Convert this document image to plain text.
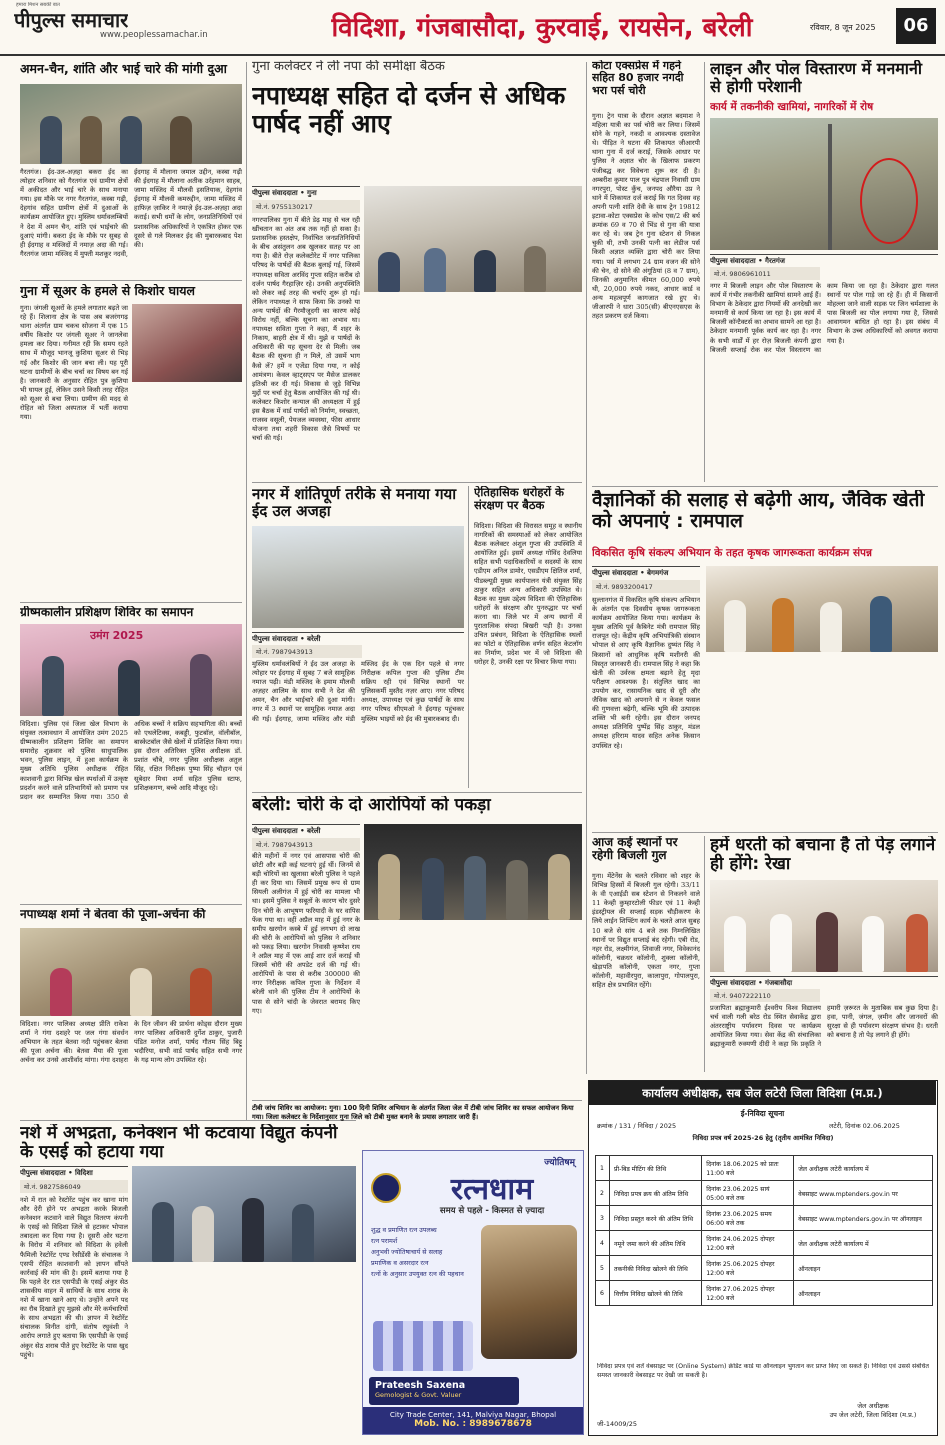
हमारा मिशन सबकी बात
पीपुल्स समाचार
www.peoplessamachar.in	विदिशा, गंजबासौदा, कुरवाई, रायसेन, बरेली	रविवार, 8 जून 2025	06
अमन-चैन, शांति और भाई चारे की मांगी दुआ
गैरतगंज। ईद-उल-अज़हा बकरा ईद का त्योहार शनिवार को गैरतगंज एवं ग्रामीण क्षेत्रों में अकीदत और भाई चारे के साथ मनाया गया। इस मौके पर नगर गैरतगंज, कस्बा गढ़ी, देहगांव सहित ग्रामीण क्षेत्रों में दुआओं के कार्यक्रम आयोजित हुए। मुस्लिम धर्मावलम्बियों ने देश में अमन चैन, शांति एवं भाईचारे की दुआएं मांगी। बकरा ईद के मौके पर सुबह से ही ईदगाह व मस्जिदों में नमाज़ अदा की गई। गैरतगंज जामा मस्जिद में मुफ्ती मशकूर नदवी, ईदगाह में मौलाना जमाल उद्दीन, कस्बा गढ़ी की ईदगाह में मौलाना अतीक उर्रहमान साहब, जामा मस्जिद में मौलवी इसतियाक, देहगांव ईदगाह में मौलवी कमरुद्दीन, जामा मस्जिद में हाफिज़ ज़ाकिर ने नमाज़े ईद-उल-अज़हा अदा कराई। सभी धर्मों के लोग, जनप्रतिनिधियों एवं प्रशासनिक अधिकारियों ने एकत्रित होकर एक दूसरे से गले मिलकर ईद की मुबारकबाद पेश की।
गुना में सूअर के हमले से किशोर घायल
गुना। जंगली सूअरों के हमले लगातार बढ़ते जा रहे हैं। शिलाना क्षेत्र के पास अब बजरंगगढ़ थाना अंतर्गत ग्राम चकच सोजना में एक 15 वर्षीय किशोर पर जंगली सूअर ने जानलेवा हमला कर दिया। गनीमत रही कि समय रहते साथ में मौजूद भानजू कुशिया सूअर से भिड़ गई और किशोर की जान बचा ली। यह पूरी घटना ग्रामीणों के बीच चर्चा का विषय बन गई है। जानकारी के अनुसार रोहित पुत्र कुशिया भी घायल हुई, लेकिन उसने किसी तरह रोहित को सूअर से बचा लिया। ग्रामीण की मदद से रोहित को जिला अस्पताल में भर्ती कराया गया।
ग्रीष्मकालीन प्रशिक्षण शिविर का समापन
उमंग 2025
विदिशा। पुलिस एवं जिला खेल विभाग के संयुक्त तत्वावधान में आयोजित उमंग 2025 ग्रीष्मकालीन प्रशिक्षण शिविर का समापन समारोह शुक्रवार को पुलिस साधुपालिक भवन, पुलिस लाइन, में हुआ कार्यक्रम के मुख्य अतिथि पुलिस अधीक्षक रोहित काशवानी द्वारा विभिन्न खेल स्पर्धाओं में उत्कृष्ट प्रदर्शन करने वाले प्रतिभागियों को प्रमाण पत्र प्रदान कर सम्मानित किया गया। 350 से अधिक बच्चों ने सक्रिय सहभागिता की। बच्चों को एथलेटिक्स, कबड्डी, फुटबॉल, वॉलीबॉल, बास्केटबॉल जैसे खेलों में प्रशिक्षित किया गया। इस दौरान अतिरिक्त पुलिस अधीक्षक डॉ. प्रशांत चौबे, नगर पुलिस अधीक्षक अतुल सिंह, रक्षित निरीक्षक पुष्पा सिंह चौहान एवं सूबेदार मिथा शर्मा सहित पुलिस स्टाफ, प्रशिक्षकगण, बच्चे आदि मौजूद रहे।
नपाध्यक्ष शर्मा ने बेतवा की पूजा-अर्चना की
विदिशा। नगर पालिका अध्यक्ष प्रीति राकेश शर्मा ने गंगा दशहरे पर जल गंगा संवर्धन अभियान के तहत बेतवा नदी पहुंचकर बेतवा की पूजा अर्चना की। बेतवा मैया की पूजा अर्चना कर उनसे आशीर्वाद मांगा। गंगा दशहरा के दिन जीवन की प्रार्थना कोड्स दौरान मुख्य नगर पालिका अधिकारी दुर्गेश ठाकुर, पुजारी पंडित मनोज शर्मा, पार्षद गौतम सिंह बिट्टू भदौरिया, सभी वार्ड पार्षद सहित सभी नगर के गढ़ मान्य लोग उपस्थित रहे।
नशे में अभद्रता, कनेक्शन भी कटवाया विद्युत कंपनी के एसई को हटाया गया
पीपुल्स संवाददाता • विदिशा
मो.नं. 9827586049
नशे में रात को रेस्टोरेंट पहुंच कर खाना मांग और देरी होने पर अभद्रता करके बिजली कनेक्शन कटवाने वाले विद्युत वितरण कंपनी के एसई को विदिशा जिले से हटाकर भोपाल तबादला कर दिया गया है। दूसरी ओर घटना के विरोध में शनिवार को विदिशा के हवेली फैमिली रेस्टोरेंट एण्ड रेसीडेंसी के संचालक ने एसपी रोहित काशवानी को ज्ञापन सौंपते कार्रवाई की मांग की है। इसमें बताया गया है कि पहले देर रात एसपीडी के एसई अंकुर सेठ शासकीय वाहन में साथियों के साथ शराब के नशे में खाना खाने आए थे। उन्होंने अपने पद का रौब दिखाते हुए मुझसे और मेरे कर्मचारियों के साथ अभद्रता की थी। ज्ञापन में रेस्टोरेंट संचालक विनीत दांगी, संतोष रघुवंशी ने आरोप लगाते हुए बताया कि एसपीडी के एसई अंकुर सेठ शराब पीते हुए रेस्टोरेंट के पास खुद पहुंचे।
गुना कलेक्टर ने ली नपा की समीक्षा बैठक
नपाध्यक्ष सहित दो दर्जन से अधिक पार्षद नहीं आए
पीपुल्स संवाददाता • गुना
मो.नं. 9755130217
नगरपालिका गुना में बीते डेढ़ माह से चल रही खींचतान का अंत अब तक नहीं हो सका है। प्रशासनिक हस्तक्षेप, निर्वाचित जनप्रतिनिधियों के बीच असंतुलन अब खुलकर सतह पर आ गया है। बीते रोज़ कलेक्टोरेट में नगर पालिका परिषद के पार्षदों की बैठक बुलाई गई, जिसमें नपाध्यक्ष सविता अरविंद गुप्ता सहित करीब दो दर्जन पार्षद गैरहाज़िर रहे। उनकी अनुपस्थिति को लेकर कई तरह की चर्चाएं शुरू हो गई। लेकिन नपाध्यक्ष ने साफ किया कि उनको या अन्य पार्षदों की गैरमौजूदगी का कारण कोई विरोध नहीं, बल्कि सूचना का अभाव था। नपाध्यक्ष सविता गुप्ता ने कहा, मैं शहर के निकाय, बाहरी क्षेत्र में थी। मुझे व पार्षदों के अधिकारी की यह सूचना देर से मिली। जब बैठक की सूचना ही न मिले, तो उसमें भाग कैसे लें? हमें न एजेंडा दिया गया, न कोई आमंत्रण। केवल व्हाट्सएप पर मैसेज डालकर इतिश्री कर दी गई। विकास से जुड़े विभिन्न मुद्दों पर चर्चा हेतु बैठक आयोजित की गई थी। कलेक्टर किशोर कन्याल की अध्यक्षता में हुई इस बैठक में वार्ड पार्षदों को निर्माण, स्वच्छता, राजस्व वसूली, पेयजल व्यवस्था, फीस आधार योजना तथा शहरी विकास जैसे विषयों पर चर्चा की गई।
नगर में शांतिपूर्ण तरीके से मनाया गया ईद उल अजहा
पीपुल्स संवाददाता • बरेली
मो.नं. 7987943913
मुस्लिम धर्मावलंबियों ने ईद उल अजहा के त्योहार पर ईदगाह में सुबह 7 बजे सामूहिक नमाज पढ़ी। मंडी मस्जिद के इमाम मौलवी अज़हर आलिम के साथ सभी ने देश की अमन, चैन और भाईचारे की दुआ मांगी। नगर में 3 स्थानों पर सामूहिक नमाज अदा की गई। ईदगाह, जामा मस्जिद और मंडी मस्जिद ईद के एक दिन पहले से नगर निरीक्षक कपिल गुप्ता की पुलिस टीम सक्रिय रही एवं विभिन्न स्थानों पर पुलिसकर्मी मुस्तैद नज़र आए। नगर परिषद अध्यक्ष, उपाध्यक्ष एवं कुछ पार्षदों के साथ नगर परिषद सीएमओ ने ईदगाह पहुंचकर मुस्लिम भाइयों को ईद की मुबारकबाद दी।
ऐतिहासिक धरोहरों के संरक्षण पर बैठक
विदिशा। विदिशा की विरासत समूह व स्थानीय नागरिकों की समस्याओं को लेकर आयोजित बैठक कलेक्टर अंशुल गुप्ता की उपस्थिति में आयोजित हुई। इसमें अध्यक्ष गोविंद देवलिया सहित सभी पदाधिकारियों व सदस्यों के साथ एडीएम अनिल डामोर, एसडीएम क्षितिज शर्मा, पीडब्ल्यूडी मुख्य कार्यपालन यंत्री संयुक्त सिंह ठाकुर सहित अन्य अधिकारी उपस्थित थे। बैठक का मुख्य उद्देश्य विदिशा की ऐतिहासिक धरोहरों के संरक्षण और पुनरुद्धार पर चर्चा करना था। जिले भर में अन्य स्थानों में पुरातात्विक संपदा बिखरी पड़ी है। उनका उचित प्रबंधन, विदिशा के ऐतिहासिक स्थलों का फोटो व ऐतिहासिक वर्णन सहित केटलॉग का निर्माण, प्रदेश भर में जो विदिशा की धरोहर है, उनकी रक्षा पर विचार किया गया।
बरेली: चोरी के दो आरोपियों को पकड़ा
पीपुल्स संवाददाता • बरेली
मो.नं. 7987943913
बीते महीनों में नगर एवं आसपास चोरी की छोटी और बड़ी कई घटनाएं हुई थीं। जिनमें से बड़ी चोरियों का खुलासा बरेली पुलिस ने पहले ही कर दिया था। जिसमें प्रमुख रूप से ग्राम सियली अलीगंज में हुई चोरी का मामला भी था। इसमें पुलिस ने सबूतों के कारण चोर दुसरे दिन चोरी के आभूषण फरियादी के घर वापिस फेंक गया था। वहीं अप्रैल माह में हुई नगर के समीप खरगोन कस्बे में हुई लगभग दो लाख की चोरी के आरोपियों को पुलिस ने शनिवार को पकड़ लिया। खरगोन निवासी कृष्णेश राय ने अप्रैल माह में एक आई शार दर्ज कराई थी जिसमें चोरी की अपडेट दर्ज की गई थी। आरोपियों के पास से करीब 300000 की नगर निरीक्षक कपिल गुप्ता के निर्देशन में बरेली थाने की पुलिस टीम ने आरोपियों के पास से सोने चांदी के जेवरात बरामद किए गए।
टीबी जांच शिविर का आयोजन: गुना। 100 दिनी शिविर अभियान के अंतर्गत जिला जेल में टीबी जांच शिविर का सफल आयोजन किया गया। जिला कलेक्टर के निर्देशानुसार गुना जिले को टीबी मुक्त बनाने के प्रयास लगातार जारी हैं।
कोटा एक्सप्रेस में गहने सहित 80 हजार नगदी भरा पर्स चोरी
गुना। ट्रेन यात्रा के दौरान अज्ञात बदमाश ने महिला यात्री का पर्स चोरी कर लिया। जिसमें सोने के गहने, नकदी व आवश्यक दस्तावेज थे। पीड़ित ने घटना की शिकायत जीआरपी थाना गुना में दर्ज कराई, जिसके आधार पर पुलिस ने अज्ञात चोर के खिलाफ प्रकरण पंजीबद्ध कर विवेचना शुरू कर दी है। अम्बरीश कुमार पाल पुत्र चंद्रपाल निवासी ग्राम नगरपुरा, पोस्ट कुँच, जनपद औरैया उप्र ने थाने में शिकायत दर्ज कराई कि गत दिवस वह अपनी पत्नी शांति देवी के साथ ट्रेन 19812 इटावा-कोटा एक्सप्रेस के कोच एस/2 की बर्थ क्रमांक 69 व 70 से भिंड से गुना की यात्रा कर रहे थे। जब ट्रेन गुना स्टेशन से निकल चुकी थी, तभी उनकी पत्नी का लेडीज पर्स किसी अज्ञात व्यक्ति द्वारा चोरी कर लिया गया। पर्स में लगभग 24 ग्राम वजन की सोने की चेन, दो सोने की अंगूठियां (8 व 7 ग्राम), जिनकी अनुमानित कीमत 60,000 रुपये थी, 20,000 रुपये नकद, आधार कार्ड व अन्य महत्वपूर्ण कागजात रखे हुए थे। जीआरपी ने धारा 305(सी) बीएनएसएस के तहत प्रकरण दर्ज किया।
लाइन और पोल विस्तारण में मनमानी से होगी परेशानी
कार्य में तकनीकी खामियां, नागरिकों में रोष
पीपुल्स संवाददाता • गैरतगंज
मो.नं. 9806961011
नगर में बिजली लाइन और पोल विस्तारण के कार्य में गंभीर तकनीकी खामियां सामने आई हैं। विभाग के ठेकेदार द्वारा नियमों की अनदेखी कर मनमानी से कार्य किया जा रहा है। इस कार्य में बिजली कॉन्टैक्टर्स का अभाव सामने आ रहा है। ठेकेदार मनमानी पूर्वक कार्य कर रहा है। नगर के सभी वार्डों में हर रोज़ बिजली कंपनी द्वारा बिजली सप्लाई रोक कर पोल विस्तारण का काम किया जा रहा है। ठेकेदार द्वारा गलत स्थानों पर पोल गाड़े जा रहे हैं। ही में किसानों मोहल्ला जाने वाली सड़क पर जिन चर्मशाला के पास बिजली का पोल लगाया गया है, जिससे आवागमन बाधित हो रहा है। इस संबंध में विभाग के उच्च अधिकारियों को अवगत कराया गया है।
वैज्ञानिकों की सलाह से बढ़ेगी आय, जैविक खेती को अपनाएं : रामपाल
विकसित कृषि संकल्प अभियान के तहत कृषक जागरूकता कार्यक्रम संपन्न
पीपुल्स संवाददाता • बेगमगंज
मो.नं. 9893200417
सुल्तानगंज में विकसित कृषि संकल्प अभियान के अंतर्गत एक दिवसीय कृषक जागरूकता कार्यक्रम आयोजित किया गया। कार्यक्रम के मुख्य अतिथि पूर्व कैबिनेट मंत्री रामपाल सिंह राजपूत रहे। केंद्रीय कृषि अभियांत्रिकी संस्थान भोपाल से आए कृषि वैज्ञानिक दुष्यंत सिंह ने किसानों को आधुनिक कृषि मशीनरी की विस्तृत जानकारी दी। रामपाल सिंह ने कहा कि खेती की उर्वरक क्षमता बढ़ाने हेतु मृदा परीक्षण आवश्यक है। संतुलित खाद का उपयोग कर, रासायनिक खाद से दूरी और जैविक खाद को अपनाने से न केवल फसल की गुणवत्ता बढ़ेगी, बल्कि भूमि की उत्पादक शक्ति भी बनी रहेगी। इस दौरान जनपद अध्यक्ष प्रतिनिधि पुष्पेंद्र सिंह ठाकुर, मंडल अध्यक्ष हरिराम यादव सहित अनेक किसान उपस्थित रहे।
आज कई स्थानों पर रहेगी बिजली गुल
गुना। मेंटेनेंस के चलते रविवार को शहर के विभिन्न हिस्सों में बिजली गुल रहेगी। 33/11 के वी एआईडी सब स्टेशन से निकलने वाले 11 केव्ही कुम्हारटोली फीडर एवं 11 केव्ही इंडस्ट्रीयल की सप्लाई सड़क चौड़ीकरण के लिये लाईन शिफ्टिंग कार्य के चलते आज सुबह 10 बजे से सांय 4 बजे तक निम्नलिखित स्थानों पर विद्युत सप्लाई बंद रहेगी। एबी रोड, नहर रोड, लक्ष्मीगंज, शिवाजी नगर, विवेकानंद कॉलोनी, चक्रधर कॉलोनी, शुक्ला कॉलोनी, खेड़ापति कॉलोनी, एकता नगर, गुप्ता कॉलोनी, महावीरपुरा, कालापुरा, गोपालपुरा, सहित क्षेत्र प्रभावित रहेंगे।
हमें धरती को बचाना है तो पेड़ लगाने ही होंगे: रेखा
पीपुल्स संवाददाता • गंजबासौदा
मो.नं. 9407222110
प्रजापिता ब्रह्माकुमारी ईश्वरीय विश्व विद्यालय चर्च वाली गली बरेठ रोड स्थित सेवाकेंद्र द्वारा अंतरराष्ट्रीय पर्यावरण दिवस पर कार्यक्रम आयोजित किया गया। सेवा केंद्र की संचालिका ब्रह्माकुमारी रुक्मणी दीदी ने कहा कि प्रकृति ने हमारी ज़रूरत के मुताबिक सब कुछ दिया है। हवा, पानी, जंगल, ज़मीन और जानवरों की सुरक्षा से ही पर्यावरण संरक्षण संभव है। धरती को बचाना है तो पेड़ लगाने ही होंगे।
ज्योतिषम्
रत्नधाम
समय से पहले - किस्मत से ज़्यादा
शुद्ध व प्रमाणित रत्न उपलब्ध
रत्न परामर्श
अनुभवी ज्योतिषाचार्य से सलाह
प्रमाणिक व असरदार रत्न
रत्नों के अनुसार उपयुक्त रत्न की पहचान
Prateesh Saxena
Gemologist & Govt. Valuer
City Trade Center, 141, Malviya Nagar, Bhopal
Mob. No. : 8989678678
कार्यालय अधीक्षक, सब जेल लटेरी जिला विदिशा (म.प्र.)
ई-निविदा सूचना
क्रमांक / 131 / निविदा / 2025	लटेरी, दिनांक 02.06.2025
निविदा प्रपत्र वर्ष 2025-26 हेतु (तृतीय आमंत्रित निविदा)
1	प्री-बिड मीटिंग की तिथि	दिनांक 18.06.2025 को प्रातः 11:00 बजे	जेल अधीक्षक लटेरी कार्यालय में
2	निविदा प्रपत्र क्रय की अंतिम तिथि	दिनांक 23.06.2025 सायं 05:00 बजे तक	वेबसाइट www.mptenders.gov.in पर
3	निविदा प्रस्तुत करने की अंतिम तिथि	दिनांक 23.06.2025 समय 06:00 बजे तक	वेबसाइट www.mptenders.gov.in पर ऑनलाइन
4	नमूने जमा करने की अंतिम तिथि	दिनांक 24.06.2025 दोपहर 12:00 बजे	जेल अधीक्षक लटेरी कार्यालय में
5	तकनीकी निविदा खोलने की तिथि	दिनांक 25.06.2025 दोपहर 12:00 बजे	ऑनलाइन
6	वित्तीय निविदा खोलने की तिथि	दिनांक 27.06.2025 दोपहर 12:00 बजे	ऑनलाइन
निविदा प्रपत्र एवं शर्तें वेबसाइट पर (Online System) क्रेडिट कार्ड या ऑनलाइन भुगतान कर प्राप्त किए जा सकते हैं। निविदा एवं उससे संबंधित समस्त जानकारी वेबसाइट पर देखी जा सकती है।
जेल अधीक्षक
उप जेल लटेरी, जिला विदिशा (म.प्र.)
जी-14009/25
